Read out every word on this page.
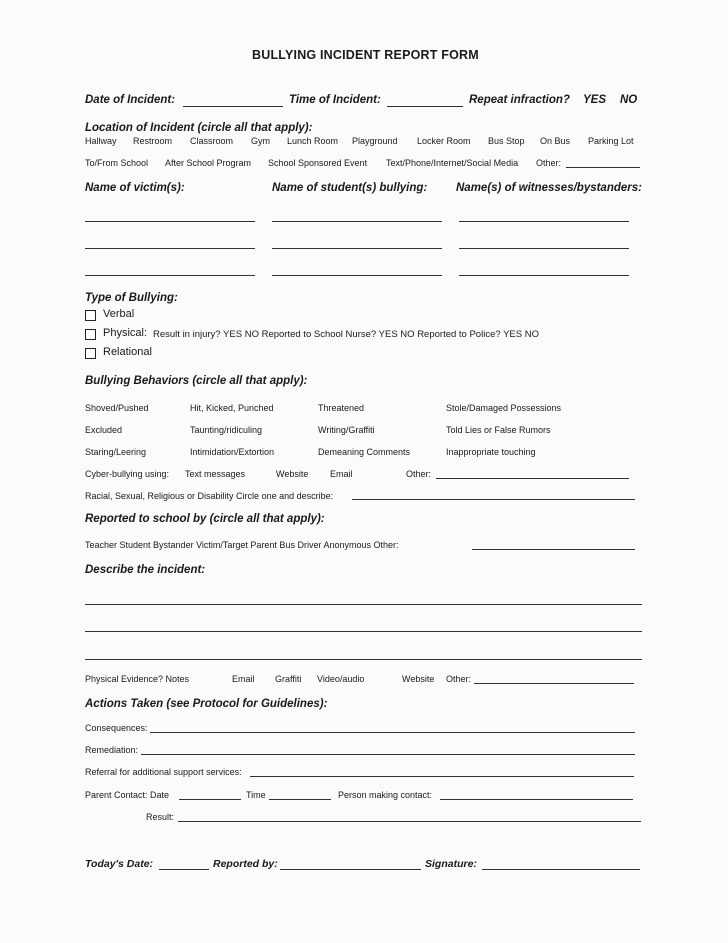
BULLYING INCIDENT REPORT FORM
Date of Incident:	Time of Incident:	Repeat infraction? YES NO
Location of Incident (circle all that apply):
Hallway Restroom Classroom Gym Lunch Room Playground Locker Room Bus Stop On Bus Parking Lot
To/From School After School Program School Sponsored Event Text/Phone/Internet/Social Media Other:
Name of victim(s):	Name of student(s) bullying:	Name(s) of witnesses/bystanders:
Type of Bullying:
Verbal
Physical: Result in injury? YES NO Reported to School Nurse? YES NO Reported to Police? YES NO
Relational
Bullying Behaviors (circle all that apply):
Shoved/Pushed	Hit, Kicked, Punched	Threatened	Stole/Damaged Possessions
Excluded	Taunting/ridiculing	Writing/Graffiti	Told Lies or False Rumors
Staring/Leering	Intimidation/Extortion	Demeaning Comments	Inappropriate touching
Cyber-bullying using: Text messages	Website Email	Other:
Racial, Sexual, Religious or Disability Circle one and describe:
Reported to school by (circle all that apply):
Teacher Student Bystander Victim/Target Parent Bus Driver Anonymous Other:
Describe the incident:
Physical Evidence? Notes	Email Graffiti Video/audio	Website Other:
Actions Taken (see Protocol for Guidelines):
Consequences:
Remediation:
Referral for additional support services:
Parent Contact: Date	Time	Person making contact:
Result:
Today's Date:	Reported by:	Signature:
